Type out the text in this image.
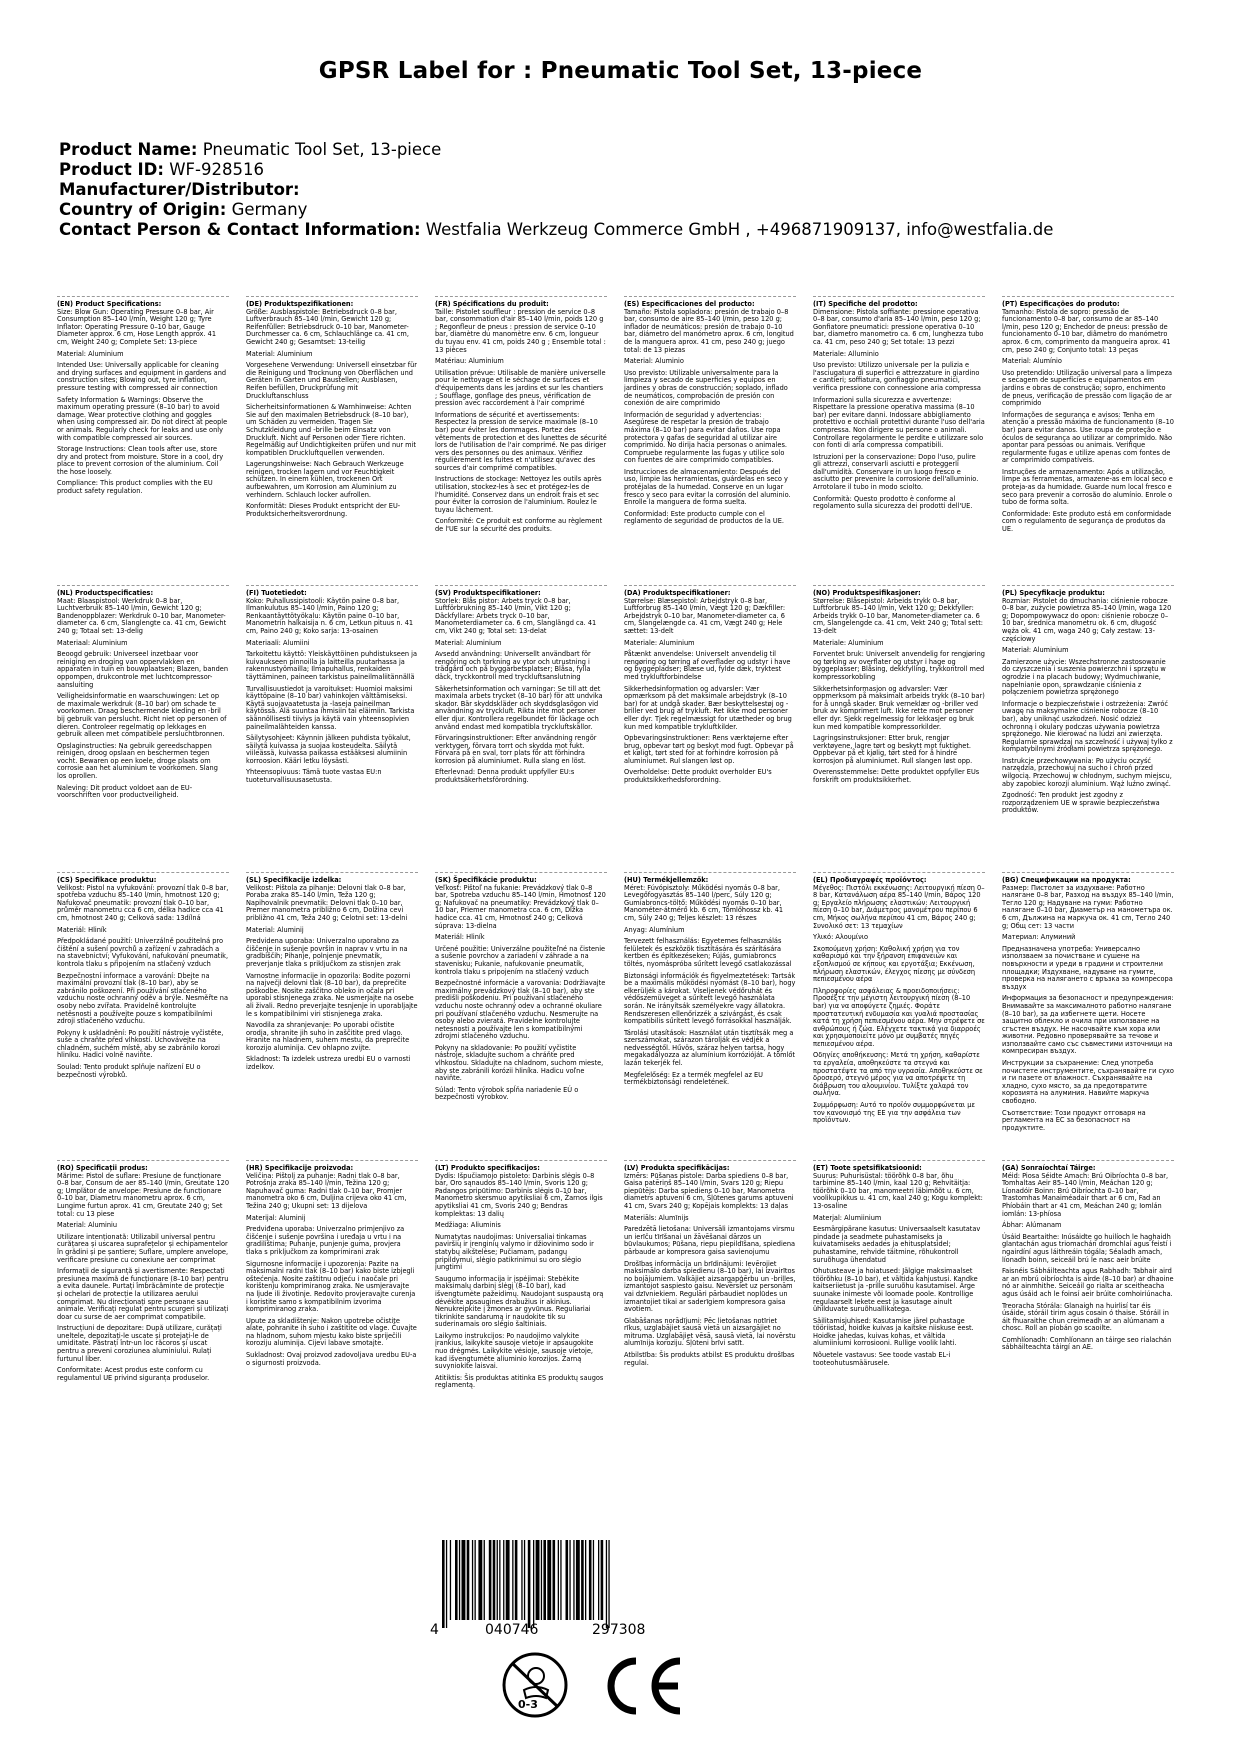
GPSR Label for : Pneumatic Tool Set, 13-piece
Product Name: Pneumatic Tool Set, 13-piece
Product ID: WF-928516
Manufacturer/Distributor:
Country of Origin: Germany
Contact Person & Contact Information: Westfalia Werkzeug Commerce GmbH , +496871909137, info@westfalia.de
(EN) Product Specifications:

Size: Blow Gun: Operating Pressure 0–8 bar, Air Consumption 85–140 l/min, Weight 120 g; Tyre Inflator: Operating Pressure 0–10 bar, Gauge Diameter approx. 6 cm, Hose Length approx. 41 cm, Weight 240 g; Complete Set: 13-piece

Material: Aluminium

Intended Use: Universally applicable for cleaning and drying surfaces and equipment in gardens and construction sites; Blowing out, tyre inflation, pressure testing with compressed air connection

Safety Information & Warnings: Observe the maximum operating pressure (8–10 bar) to avoid damage. Wear protective clothing and goggles when using compressed air. Do not direct at people or animals. Regularly check for leaks and use only with compatible compressed air sources.

Storage Instructions: Clean tools after use, store dry and protect from moisture. Store in a cool, dry place to prevent corrosion of the aluminium. Coil the hose loosely.

Compliance: This product complies with the EU product safety regulation.

(DE) Produktspezifikationen:

Größe: Ausblaspistole: Betriebsdruck 0–8 bar, Luftverbrauch 85–140 l/min, Gewicht 120 g; Reifenfüller: Betriebsdruck 0–10 bar, Manometer-Durchmesser ca. 6 cm, Schlauchlänge ca. 41 cm, Gewicht 240 g; Gesamtset: 13-teilig

Material: Aluminium

Vorgesehene Verwendung: Universell einsetzbar für die Reinigung und Trocknung von Oberflächen und Geräten in Garten und Baustellen; Ausblasen, Reifen befüllen, Druckprüfung mit Druckluftanschluss

Sicherheitsinformationen & Warnhinweise: Achten Sie auf den maximalen Betriebsdruck (8–10 bar), um Schäden zu vermeiden. Tragen Sie Schutzkleidung und -brille beim Einsatz von Druckluft. Nicht auf Personen oder Tiere richten. Regelmäßig auf Undichtigkeiten prüfen und nur mit kompatiblen Druckluftquellen verwenden.

Lagerungshinweise: Nach Gebrauch Werkzeuge reinigen, trocken lagern und vor Feuchtigkeit schützen. In einem kühlen, trockenen Ort aufbewahren, um Korrosion am Aluminium zu verhindern. Schlauch locker aufrollen.

Konformität: Dieses Produkt entspricht der EU-Produktsicherheitsverordnung.

(FR) Spécifications du produit:

Taille: Pistolet souffleur : pression de service 0–8 bar, consommation d'air 85–140 l/min, poids 120 g ; Regonfleur de pneus : pression de service 0–10 bar, diamètre du manomètre env. 6 cm, longueur du tuyau env. 41 cm, poids 240 g ; Ensemble total : 13 pièces

Matériau: Aluminium

Utilisation prévue: Utilisable de manière universelle pour le nettoyage et le séchage de surfaces et d'équipements dans les jardins et sur les chantiers ; Soufflage, gonflage des pneus, vérification de pression avec raccordement à l'air comprimé

Informations de sécurité et avertissements: Respectez la pression de service maximale (8–10 bar) pour éviter les dommages. Portez des vêtements de protection et des lunettes de sécurité lors de l'utilisation de l'air comprimé. Ne pas diriger vers des personnes ou des animaux. Vérifiez régulièrement les fuites et n'utilisez qu'avec des sources d'air comprimé compatibles.

Instructions de stockage: Nettoyez les outils après utilisation, stockez-les à sec et protégez-les de l'humidité. Conservez dans un endroit frais et sec pour éviter la corrosion de l'aluminium. Roulez le tuyau lâchement.

Conformité: Ce produit est conforme au règlement de l'UE sur la sécurité des produits.

(ES) Especificaciones del producto:

Tamaño: Pistola sopladora: presión de trabajo 0–8 bar, consumo de aire 85–140 l/min, peso 120 g; inflador de neumáticos: presión de trabajo 0–10 bar, diámetro del manómetro aprox. 6 cm, longitud de la manguera aprox. 41 cm, peso 240 g; juego total: de 13 piezas

Material: Aluminio

Uso previsto: Utilizable universalmente para la limpieza y secado de superficies y equipos en jardines y obras de construcción; soplado, inflado de neumáticos, comprobación de presión con conexión de aire comprimido

Información de seguridad y advertencias: Asegúrese de respetar la presión de trabajo máxima (8–10 bar) para evitar daños. Use ropa protectora y gafas de seguridad al utilizar aire comprimido. No dirija hacia personas o animales. Compruebe regularmente las fugas y utilice solo con fuentes de aire comprimido compatibles.

Instrucciones de almacenamiento: Después del uso, limpie las herramientas, guárdelas en seco y protéjalas de la humedad. Conserve en un lugar fresco y seco para evitar la corrosión del aluminio. Enrolle la manguera de forma suelta.

Conformidad: Este producto cumple con el reglamento de seguridad de productos de la UE.

(IT) Specifiche del prodotto:

Dimensione: Pistola soffiante: pressione operativa 0–8 bar, consumo d'aria 85–140 l/min, peso 120 g; Gonfiatore pneumatici: pressione operativa 0–10 bar, diametro manometro ca. 6 cm, lunghezza tubo ca. 41 cm, peso 240 g; Set totale: 13 pezzi

Materiale: Alluminio

Uso previsto: Utilizzo universale per la pulizia e l'asciugatura di superfici e attrezzature in giardino e cantieri; soffiatura, gonfiaggio pneumatici, verifica pressione con connessione aria compressa

Informazioni sulla sicurezza e avvertenze: Rispettare la pressione operativa massima (8–10 bar) per evitare danni. Indossare abbigliamento protettivo e occhiali protettivi durante l'uso dell'aria compressa. Non dirigere su persone o animali. Controllare regolarmente le perdite e utilizzare solo con fonti di aria compressa compatibili.

Istruzioni per la conservazione: Dopo l'uso, pulire gli attrezzi, conservarli asciutti e proteggerli dall'umidità. Conservare in un luogo fresco e asciutto per prevenire la corrosione dell'alluminio. Arrotolare il tubo in modo sciolto.

Conformità: Questo prodotto è conforme al regolamento sulla sicurezza dei prodotti dell'UE.

(PT) Especificações do produto:

Tamanho: Pistola de sopro: pressão de funcionamento 0–8 bar, consumo de ar 85–140 l/min, peso 120 g; Enchedor de pneus: pressão de funcionamento 0–10 bar, diâmetro do manómetro aprox. 6 cm, comprimento da mangueira aprox. 41 cm, peso 240 g; Conjunto total: 13 peças

Material: Alumínio

Uso pretendido: Utilização universal para a limpeza e secagem de superfícies e equipamentos em jardins e obras de construção; sopro, enchimento de pneus, verificação de pressão com ligação de ar comprimido

Informações de segurança e avisos: Tenha em atenção a pressão máxima de funcionamento (8–10 bar) para evitar danos. Use roupa de proteção e óculos de segurança ao utilizar ar comprimido. Não apontar para pessoas ou animais. Verifique regularmente fugas e utilize apenas com fontes de ar comprimido compatíveis.

Instruções de armazenamento: Após a utilização, limpe as ferramentas, armazene-as em local seco e proteja-as da humidade. Guarde num local fresco e seco para prevenir a corrosão do alumínio. Enrole o tubo de forma solta.

Conformidade: Este produto está em conformidade com o regulamento de segurança de produtos da UE.

(NL) Productspecificaties:

Maat: Blaaspistool: Werkdruk 0–8 bar, Luchtverbruik 85–140 l/min, Gewicht 120 g; Bandenoppblazer: Werkdruk 0–10 bar, Manometer-diameter ca. 6 cm, Slanglengte ca. 41 cm, Gewicht 240 g; Totaal set: 13-delig

Materiaal: Aluminium

Beoogd gebruik: Universeel inzetbaar voor reiniging en droging van oppervlakken en apparaten in tuin en bouwplaatsen; Blazen, banden oppompen, drukcontrole met luchtcompressor-aansluiting

Veiligheidsinformatie en waarschuwingen: Let op de maximale werkdruk (8–10 bar) om schade te voorkomen. Draag beschermende kleding en -bril bij gebruik van perslucht. Richt niet op personen of dieren. Controleer regelmatig op lekkages en gebruik alleen met compatibele persluchtbronnen.

Opslaginstructies: Na gebruik gereedschappen reinigen, droog opslaan en beschermen tegen vocht. Bewaren op een koele, droge plaats om corrosie aan het aluminium te voorkomen. Slang los oprollen.

Naleving: Dit product voldoet aan de EU-voorschriften voor productveiligheid.

(FI) Tuotetiedot:

Koko: Puhallussipistooli: Käytön paine 0–8 bar, Ilmankulutus 85–140 l/min, Paino 120 g; Renkaantäyttötyökalu: Käytön paine 0–10 bar, Manometrin halkaisija n. 6 cm, Letkun pituus n. 41 cm, Paino 240 g; Koko sarja: 13-osainen

Materiaali: Alumiini

Tarkoitettu käyttö: Yleiskäyttöinen puhdistukseen ja kuivaukseen pinnoilla ja laitteilla puutarhassa ja rakennustyömailla; Ilmapuhallus, renkaiden täyttäminen, paineen tarkistus paineilmaliitännällä

Turvallisuustiedot ja varoitukset: Huomioi maksimi käyttöpaine (8–10 bar) vahinkojen välttämiseksi. Käytä suojavaatetusta ja -laseja paineilman käytössä. Älä suuntaa ihmisiin tai eläimiin. Tarkista säännöllisesti tiiviys ja käytä vain yhteensopivien paineilmalähteiden kanssa.

Säilytysohjeet: Käynnin jälkeen puhdista työkalut, säilytä kuivassa ja suojaa kosteudelta. Säilytä viileässä, kuivassa paikassa estääksesi alumiinin korroosion. Kääri letku löysästi.

Yhteensopivuus: Tämä tuote vastaa EU:n tuoteturvallisuusasetusta.

(SV) Produktspecifikationer:

Storlek: Blås pistor: Arbets tryck 0–8 bar, Luftförbrukning 85–140 l/min, Vikt 120 g; Däckfyllare: Arbets tryck 0–10 bar, Manometerdiameter ca. 6 cm, Slanglängd ca. 41 cm, Vikt 240 g; Total set: 13-delat

Material: Aluminium

Avsedd användning: Universellt användbart för rengöring och torkning av ytor och utrustning i trädgård och på byggarbetsplatser; Blåsa, fylla däck, tryckkontroll med tryckluftsanslutning

Säkerhetsinformation och varningar: Se till att det maximala arbets trycket (8–10 bar) för att undvika skador. Bär skyddskläder och skyddsglasögon vid användning av tryckluft. Rikta inte mot personer eller djur. Kontrollera regelbundet för läckage och använd endast med kompatibla tryckluftskällor.

Förvaringsinstruktioner: Efter användning rengör verktygen, förvara torrt och skydda mot fukt. Förvara på en sval, torr plats för att förhindra korrosion på aluminiumet. Rulla slang en löst.

Efterlevnad: Denna produkt uppfyller EU:s produktsäkerhetsförordning.

(DA) Produktspecifikationer:

Størrelse: Blæsepistol: Arbejdstryk 0–8 bar, Luftforbrug 85–140 l/min, Vægt 120 g; Dækfiller: Arbejdstryk 0–10 bar, Manometer-diameter ca. 6 cm, Slangelængde ca. 41 cm, Vægt 240 g; Hele sættet: 13-delt

Materiale: Aluminium

Påtænkt anvendelse: Universelt anvendelig til rengøring og tørring af overflader og udstyr i have og byggepladser; Blæse ud, fylde dæk, tryktest med trykluftforbindelse

Sikkerhedsinformation og advarsler: Vær opmærksom på det maksimale arbejdstryk (8–10 bar) for at undgå skader. Bær beskyttelsestøj og -briller ved brug af trykluft. Ret ikke mod personer eller dyr. Tjek regelmæssigt for utætheder og brug kun med kompatible trykluftkilder.

Opbevaringsinstruktioner: Rens værktøjerne efter brug, opbevar tørt og beskyt mod fugt. Opbevar på et køligt, tørt sted for at forhindre korrosion på aluminiumet. Rul slangen løst op.

Overholdelse: Dette produkt overholder EU's produktsikkerhedsforordning.

(NO) Produktspesifikasjoner:

Størrelse: Blåsepistol: Arbeids trykk 0–8 bar, Luftforbruk 85–140 l/min, Vekt 120 g; Dekkfyller: Arbeids trykk 0–10 bar, Manometer-diameter ca. 6 cm, Slangelengde ca. 41 cm, Vekt 240 g; Total sett: 13-delt

Materiale: Aluminium

Forventet bruk: Universelt anvendelig for rengjøring og tørking av overflater og utstyr i hage og byggeplasser; Blåsing, dekkfylling, trykkontroll med kompressorkobling

Sikkerhetsinformasjon og advarsler: Vær oppmerksom på maksimalt arbeids trykk (8–10 bar) for å unngå skader. Bruk verneklær og -briller ved bruk av komprimert luft. Ikke rette mot personer eller dyr. Sjekk regelmessig for lekkasjer og bruk kun med kompatible kompressorkilder.

Lagringsinstruksjoner: Etter bruk, rengjør verktøyene, lagre tørt og beskytt mot fuktighet. Oppbevar på et kjølig, tørt sted for å hindre korrosjon på aluminiumet. Rull slangen løst opp.

Overensstemmelse: Dette produktet oppfyller EUs forskrift om produktsikkerhet.

(PL) Specyfikacje produktu:

Rozmiar: Pistolet do dmuchania: ciśnienie robocze 0–8 bar, zużycie powietrza 85–140 l/min, waga 120 g; Dopompowywacz do opon: ciśnienie robocze 0–10 bar, średnica manometru ok. 6 cm, długość węża ok. 41 cm, waga 240 g; Cały zestaw: 13-częściowy

Materiał: Aluminium

Zamierzone użycie: Wszechstronne zastosowanie do czyszczenia i suszenia powierzchni i sprzętu w ogrodzie i na placach budowy; Wydmuchiwanie, napełnianie opon, sprawdzanie ciśnienia z połączeniem powietrza sprężonego

Informacje o bezpieczeństwie i ostrzeżenia: Zwróć uwagę na maksymalne ciśnienie robocze (8–10 bar), aby uniknąć uszkodzeń. Nosić odzież ochronną i okulary podczas używania powietrza sprężonego. Nie kierować na ludzi ani zwierzęta. Regularnie sprawdzaj na szczelność i używaj tylko z kompatybilnymi źródłami powietrza sprężonego.

Instrukcje przechowywania: Po użyciu oczyść narzędzia, przechowuj na sucho i chroń przed wilgocią. Przechowuj w chłodnym, suchym miejscu, aby zapobiec korozji aluminium. Wąż luźno zwinąć.

Zgodność: Ten produkt jest zgodny z rozporządzeniem UE w sprawie bezpieczeństwa produktów.

(CS) Specifikace produktu:

Velikost: Pistol na vyfukování: provozní tlak 0–8 bar, spotřeba vzduchu 85–140 l/min, hmotnost 120 g; Nafukovač pneumatik: provozní tlak 0–10 bar, průměr manometru cca 6 cm, délka hadice cca 41 cm, hmotnost 240 g; Celková sada: 13dílná

Materiál: Hliník

Předpokládané použití: Univerzálně použitelná pro čištění a sušení povrchů a zařízení v zahradách a na stavebnictví; Vyfukování, nafukování pneumatik, kontrola tlaku s připojením na stlačený vzduch

Bezpečnostní informace a varování: Dbejte na maximální provozní tlak (8–10 bar), aby se zabránilo poškození. Při používání stlačeného vzduchu noste ochranný oděv a brýle. Nesměřte na osoby nebo zvířata. Pravidelně kontrolujte netěsnosti a používejte pouze s kompatibilními zdroji stlačeného vzduchu.

Pokyny k uskladnění: Po použití nástroje vyčistěte, suše a chraňte před vlhkostí. Uchovávejte na chladném, suchém místě, aby se zabránilo korozi hliníku. Hadici volně naviňte.

Soulad: Tento produkt splňuje nařízení EU o bezpečnosti výrobků.

(SL) Specifikacije izdelka:

Velikost: Pištola za pihanje: Delovni tlak 0–8 bar, Poraba zraka 85–140 l/min, Teža 120 g; Napihovalnik pnevmatik: Delovni tlak 0–10 bar, Premer manometra približno 6 cm, Dolžina cevi približno 41 cm, Teža 240 g; Celotni set: 13-delni

Material: Aluminij

Predvidena uporaba: Univerzalno uporabno za čiščenje in sušenje površin in naprav v vrtu in na gradbiščih; Pihanje, polnjenje pnevmatik, preverjanje tlaka s priključkom za stisnjen zrak

Varnostne informacije in opozorila: Bodite pozorni na največji delovni tlak (8–10 bar), da preprečite poškodbe. Nosite zaščitno obleko in očala pri uporabi stisnjenega zraka. Ne usmerjajte na osebe ali živali. Redno preverjajte tesnjenje in uporabljajte le s kompatibilnimi viri stisnjenega zraka.

Navodila za shranjevanje: Po uporabi očistite orodja, shranite jih suho in zaščitite pred vlago. Hranite na hladnem, suhem mestu, da preprečite korozijo aluminija. Cev ohlapno zvijte.

Skladnost: Ta izdelek ustreza uredbi EU o varnosti izdelkov.

(SK) Špecifikácie produktu:

Veľkosť: Pištoľ na fukanie: Prevádzkový tlak 0–8 bar, Spotreba vzduchu 85–140 l/min, Hmotnosť 120 g; Nafukovač na pneumatiky: Prevádzkový tlak 0–10 bar, Priemer manometra cca. 6 cm, Dĺžka hadice cca. 41 cm, Hmotnosť 240 g; Celková súprava: 13-dielna

Materiál: Hliník

Určené použitie: Univerzálne použiteľné na čistenie a sušenie povrchov a zariadení v záhrade a na stavenisku; Fukanie, nafukovanie pneumatík, kontrola tlaku s pripojením na stlačený vzduch

Bezpečnostné informácie a varovania: Dodržiavajte maximálny prevádzkový tlak (8–10 bar), aby ste predišli poškodeniu. Pri používaní stlačeného vzduchu noste ochranný odev a ochranné okuliare pri používaní stlačeného vzduchu. Nesmerujte na osoby alebo zvieratá. Pravidelne kontrolujte netesnosti a používajte len s kompatibilnými zdrojmi stlačeného vzduchu.

Pokyny na skladovanie: Po použití vyčistite nástroje, skladujte suchom a chráňte pred vlhkosťou. Skladujte na chladnom, suchom mieste, aby ste zabránili korózii hliníka. Hadicu voľne naviňte.

Súlad: Tento výrobok spĺňa nariadenie EÚ o bezpečnosti výrobkov.

(HU) Termékjellemzők:

Méret: Fúvópisztoly: Működési nyomás 0–8 bar, Levegőfogyasztás 85–140 l/perc, Súly 120 g; Gumiabroncs-töltő: Működési nyomás 0–10 bar, Manométer-átmérő kb. 6 cm, Tömlőhossz kb. 41 cm, Súly 240 g; Teljes készlet: 13 részes

Anyag: Alumínium

Tervezett felhasználás: Egyetemes felhasználás felületek és eszközök tisztítására és szárítására kertben és építkezéseken; Fújás, gumiabroncs töltés, nyomáspróba sűrített levegő csatlakozással

Biztonsági információk és figyelmeztetések: Tartsák be a maximális működési nyomást (8–10 bar), hogy elkerüljék a károkat. Viseljenek védőruhát és védőszemüveget a sűrített levegő használata során. Ne irányítsák személyekre vagy állatokra. Rendszeresen ellenőrizzék a szivárgást, és csak kompatibilis sűrített levegő forrásokkal használják.

Tárolási utasítások: Használat után tisztítsák meg a szerszámokat, szárazon tárolják és védjék a nedvességtől. Hűvös, száraz helyen tartsa, hogy megakadályozza az alumínium korrózióját. A tömlőt lazán tekerjék fel.

Megfelelőség: Ez a termék megfelel az EU termékbiztonsági rendeletének.

(EL) Προδιαγραφές προϊόντος:

Μέγεθος: Πιστόλι εκκένωσης: Λειτουργική πίεση 0–8 bar, Κατανάλωση αέρα 85–140 l/min, Βάρος 120 g; Εργαλείο πλήρωσης ελαστικών: Λειτουργική πίεση 0–10 bar, Διάμετρος μανομέτρου περίπου 6 cm, Μήκος σωλήνα περίπου 41 cm, Βάρος 240 g; Συνολικό σετ: 13 τεμαχίων

Υλικό: Αλουμίνιο

Σκοπούμενη χρήση: Καθολική χρήση για τον καθαρισμό και την ξήρανση επιφανειών και εξοπλισμού σε κήπους και εργοτάξια; Εκκένωση, πλήρωση ελαστικών, έλεγχος πίεσης με σύνδεση πεπιεσμένου αέρα

Πληροφορίες ασφάλειας & προειδοποιήσεις: Προσέξτε την μέγιστη λειτουργική πίεση (8–10 bar) για να αποφύγετε ζημιές. Φοράτε προστατευτική ενδυμασία και γυαλιά προστασίας κατά τη χρήση πεπιεσμένου αέρα. Μην στρέφετε σε ανθρώπους ή ζώα. Ελέγχετε τακτικά για διαρροές και χρησιμοποιείτε μόνο με συμβατές πηγές πεπιεσμένου αέρα.

Οδηγίες αποθήκευσης: Μετά τη χρήση, καθαρίστε τα εργαλεία, αποθηκεύστε τα στεγνά και προστατέψτε τα από την υγρασία. Αποθηκεύστε σε δροσερό, στεγνό μέρος για να αποτρέψετε τη διάβρωση του αλουμινίου. Τυλίξτε χαλαρά τον σωλήνα.

Συμμόρφωση: Αυτό το προϊόν συμμορφώνεται με τον κανονισμό της ΕΕ για την ασφάλεια των προϊόντων.

(BG) Спецификации на продукта:

Размер: Пистолет за издухване: Работно налягане 0–8 bar, Разход на въздух 85–140 l/min, Тегло 120 g; Надуване на гуми: Работно налягане 0–10 bar, Диаметър на манометъра ок. 6 cm, Дължина на маркуча ок. 41 cm, Тегло 240 g; Общ сет: 13 части

Материал: Алуминий

Предназначена употреба: Универсално използваем за почистване и сушене на повърхности и уреди в градини и строителни площадки; Издухване, надуване на гумите, проверка на налягането с връзка за компресора въздух

Информация за безопасност и предупреждения: Внимавайте за максималното работно налягане (8–10 bar), за да избегнете щети. Носете защитно облекло и очила при използване на сгъстен въздух. Не насочвайте към хора или животни. Редовно проверявайте за течове и използвайте само със съвместими източници на компресиран въздух.

Инструкции за съхранение: След употреба почистете инструментите, съхранявайте ги сухо и ги пазете от влажност. Съхранявайте на хладно, сухо място, за да предотвратите корозията на алуминия. Навийте маркуча свободно.

Съответствие: Този продукт отговаря на регламента на ЕС за безопасност на продуктите.

(RO) Specificații produs:

Mărime: Pistol de suflare: Presiune de funcționare 0–8 bar, Consum de aer 85–140 l/min, Greutate 120 g; Umplător de anvelope: Presiune de funcționare 0–10 bar, Diametru manometru aprox. 6 cm, Lungime furtun aprox. 41 cm, Greutate 240 g; Set total: cu 13 piese

Material: Aluminiu

Utilizare intenționată: Utilizabil universal pentru curățarea și uscarea suprafețelor și echipamentelor în grădini și pe șantiere; Suflare, umplere anvelope, verificare presiune cu conexiune aer comprimat

Informații de siguranță și avertismente: Respectați presiunea maximă de funcționare (8–10 bar) pentru a evita daunele. Purtați îmbrăcăminte de protecție și ochelari de protecție la utilizarea aerului comprimat. Nu direcționați spre persoane sau animale. Verificați regulat pentru scurgeri și utilizați doar cu surse de aer comprimat compatibile.

Instrucțiuni de depozitare: După utilizare, curățați uneltele, depozitați-le uscate și protejați-le de umiditate. Păstrați într-un loc răcoros și uscat pentru a preveni coroziunea aluminiului. Rulați furtunul liber.

Conformitate: Acest produs este conform cu regulamentul UE privind siguranța produselor.

(HR) Specifikacije proizvoda:

Veličina: Pištolj za puhanje: Radni tlak 0–8 bar, Potrošnja zraka 85–140 l/min, Težina 120 g; Napuhavač guma: Radni tlak 0–10 bar, Promjer manometra oko 6 cm, Duljina crijeva oko 41 cm, Težina 240 g; Ukupni set: 13 dijelova

Materijal: Aluminij

Predviđena uporaba: Univerzalno primjenjivo za čišćenje i sušenje površina i uređaja u vrtu i na gradilištima; Puhanje, punjenje guma, provjera tlaka s priključkom za komprimirani zrak

Sigurnosne informacije i upozorenja: Pazite na maksimalni radni tlak (8–10 bar) kako biste izbjegli oštećenja. Nosite zaštitnu odjeću i naočale pri korištenju komprimiranog zraka. Ne usmjeravajte na ljude ili životinje. Redovito provjeravajte curenja i koristite samo s kompatibilnim izvorima komprimiranog zraka.

Upute za skladištenje: Nakon upotrebe očistite alate, pohranite ih suho i zaštitite od vlage. Čuvajte na hladnom, suhom mjestu kako biste spriječili koroziju aluminija. Cijevi labave smotajte.

Sukladnost: Ovaj proizvod zadovoljava uredbu EU-a o sigurnosti proizvoda.

(LT) Produkto specifikacijos:

Dydis: Išpučiamojo pistoleto: Darbinis slėgis 0–8 bar, Oro sąnaudos 85–140 l/min, Svoris 120 g; Padangos pripūtimo: Darbinis slėgis 0–10 bar, Manometro skersmuo apytiksliai 6 cm, Žarnos ilgis apytiksliai 41 cm, Svoris 240 g; Bendras komplektas: 13 dalių

Medžiaga: Aliuminis

Numatytas naudojimas: Universaliai tinkamas paviršių ir įrenginių valymo ir džiovinimo sodo ir statybų aikštelėse; Pučiamam, padangų pripildymui, slėgio patikrinimui su oro slėgio jungtimi

Saugumo informacija ir įspėjimai: Stebėkite maksimalų darbinį slėgį (8–10 bar), kad išvengtumėte pažeidimų. Naudojant suspaustą orą dėvėkite apsaugines drabužius ir akinius. Nenukreipkite į žmones ar gyvūnus. Reguliariai tikrinkite sandarumą ir naudokite tik su suderinamais oro slėgio šaltiniais.

Laikymo instrukcijos: Po naudojimo valykite įrankius, laikykite sausoje vietoje ir apsaugokite nuo drėgmės. Laikykite vėsioje, sausoje vietoje, kad išvengtumėte aliuminio korozijos. Žarną suvyniokite laisvai.

Atitiktis: Šis produktas atitinka ES produktų saugos reglamentą.

(LV) Produkta specifikācijas:

Izmērs: Pūšanas pistole: Darba spiediens 0–8 bar, Gaisa patēriņš 85–140 l/min, Svars 120 g; Riepu piepūtējs: Darba spiediens 0–10 bar, Manometra diametrs aptuveni 6 cm, Šļūtenes garums aptuveni 41 cm, Svars 240 g; Kopējais komplekts: 13 daļas

Materiāls: Alumīnijs

Paredzētā lietošana: Universāli izmantojams virsmu un ierīču tīrīšanai un žāvēšanai dārzos un būvlaukumos; Pūšana, riepu piepildīšana, spiediena pārbaude ar kompresora gaisa savienojumu

Drošības informācija un brīdinājumi: Ievērojiet maksimālo darba spiedienu (8–10 bar), lai izvairītos no bojājumiem. Valkājiet aizsargapģērbu un -brilles, izmantojot saspiesto gaisu. Nevērsiet uz personām vai dzīvniekiem. Regulāri pārbaudiet noplūdes un izmantojiet tikai ar saderīgiem kompresora gaisa avotiem.

Glabāšanas norādījumi: Pēc lietošanas notīriet rīkus, uzglabājiet sausā vietā un aizsargājiet no mitruma. Uzglabājiet vēsā, sausā vietā, lai novērstu alumīnija koroziju. Šļūteni brīvi satīt.

Atbilstība: Šis produkts atbilst ES produktu drošības regulai.

(ET) Toote spetsifikatsioonid:

Suurus: Puhurisüstal: töörõhk 0–8 bar, õhu tarbimine 85–140 l/min, kaal 120 g; Rehvitäitja: töörõhk 0–10 bar, manomeetri läbimõõt u. 6 cm, voolikupikkus u. 41 cm, kaal 240 g; Kogu komplekt: 13-osaline

Materjal: Alumiinium

Eesmärgipärane kasutus: Universaalselt kasutatav pindade ja seadmete puhastamiseks ja kuivatamiseks aedades ja ehitusplatsidel; puhastamine, rehvide täitmine, rõhukontroll suruõhuga ühendatud

Ohutusteave ja hoiatused: Jälgige maksimaalset töörõhku (8–10 bar), et vältida kahjustusi. Kandke kaitseriietust ja -prille suruõhu kasutamisel. Ärge suunake inimeste või loomade poole. Kontrollige regulaarselt lekete eest ja kasutage ainult ühilduvate suruõhuallikatega.

Säilitamisjuhised: Kasutamise järel puhastage tööriistad, hoidke kuivas ja kaitske niiskuse eest. Hoidke jahedas, kuivas kohas, et vältida alumiiniumi korrosiooni. Rullige voolik lahti.

Nõuetele vastavus: See toode vastab EL-i tooteohutusmäärusele.

(GA) Sonraíochtaí Táirge:

Méid: Piosa Séidte Amach: Brú Oibríochta 0–8 bar, Tomhaltas Aeir 85–140 l/min, Meáchan 120 g; Líonadóir Boinn: Brú Oibríochta 0–10 bar, Trastomhas Manaiméadair thart ar 6 cm, Fad an Phíobáin thart ar 41 cm, Meáchan 240 g; Iomlán iomlán: 13-phíosa

Ábhar: Alúmanam

Úsáid Beartaithe: Inúsáidte go huilíoch le haghaidh glantachán agus triomachán dromchlaí agus feistí i ngairdíní agus láithreáin tógála; Séaladh amach, líonadh boinn, seiceáil brú le nasc aeir brúite

Faisnéis Sábháilteachta agus Rabhadh: Tabhair aird ar an mbrú oibríochta is airde (8–10 bar) ar dhaoine nó ar ainmhithe. Seiceáil go rialta ar sceitheacha agus úsáid ach le foinsí aeir brúite comhoiriúnacha.

Treoracha Stórála: Glanaigh na huirlisí tar éis úsáide, stóráil tirim agus cosain ó thaise. Stóráil in áit fhuaraithe chun creimeadh ar an alúmanam a chosc. Roll an píobán go scaoilte.

Comhlíonadh: Comhlíonann an táirge seo rialachán sábháilteachta táirgí an AE.

4	040746	297308
0-3
